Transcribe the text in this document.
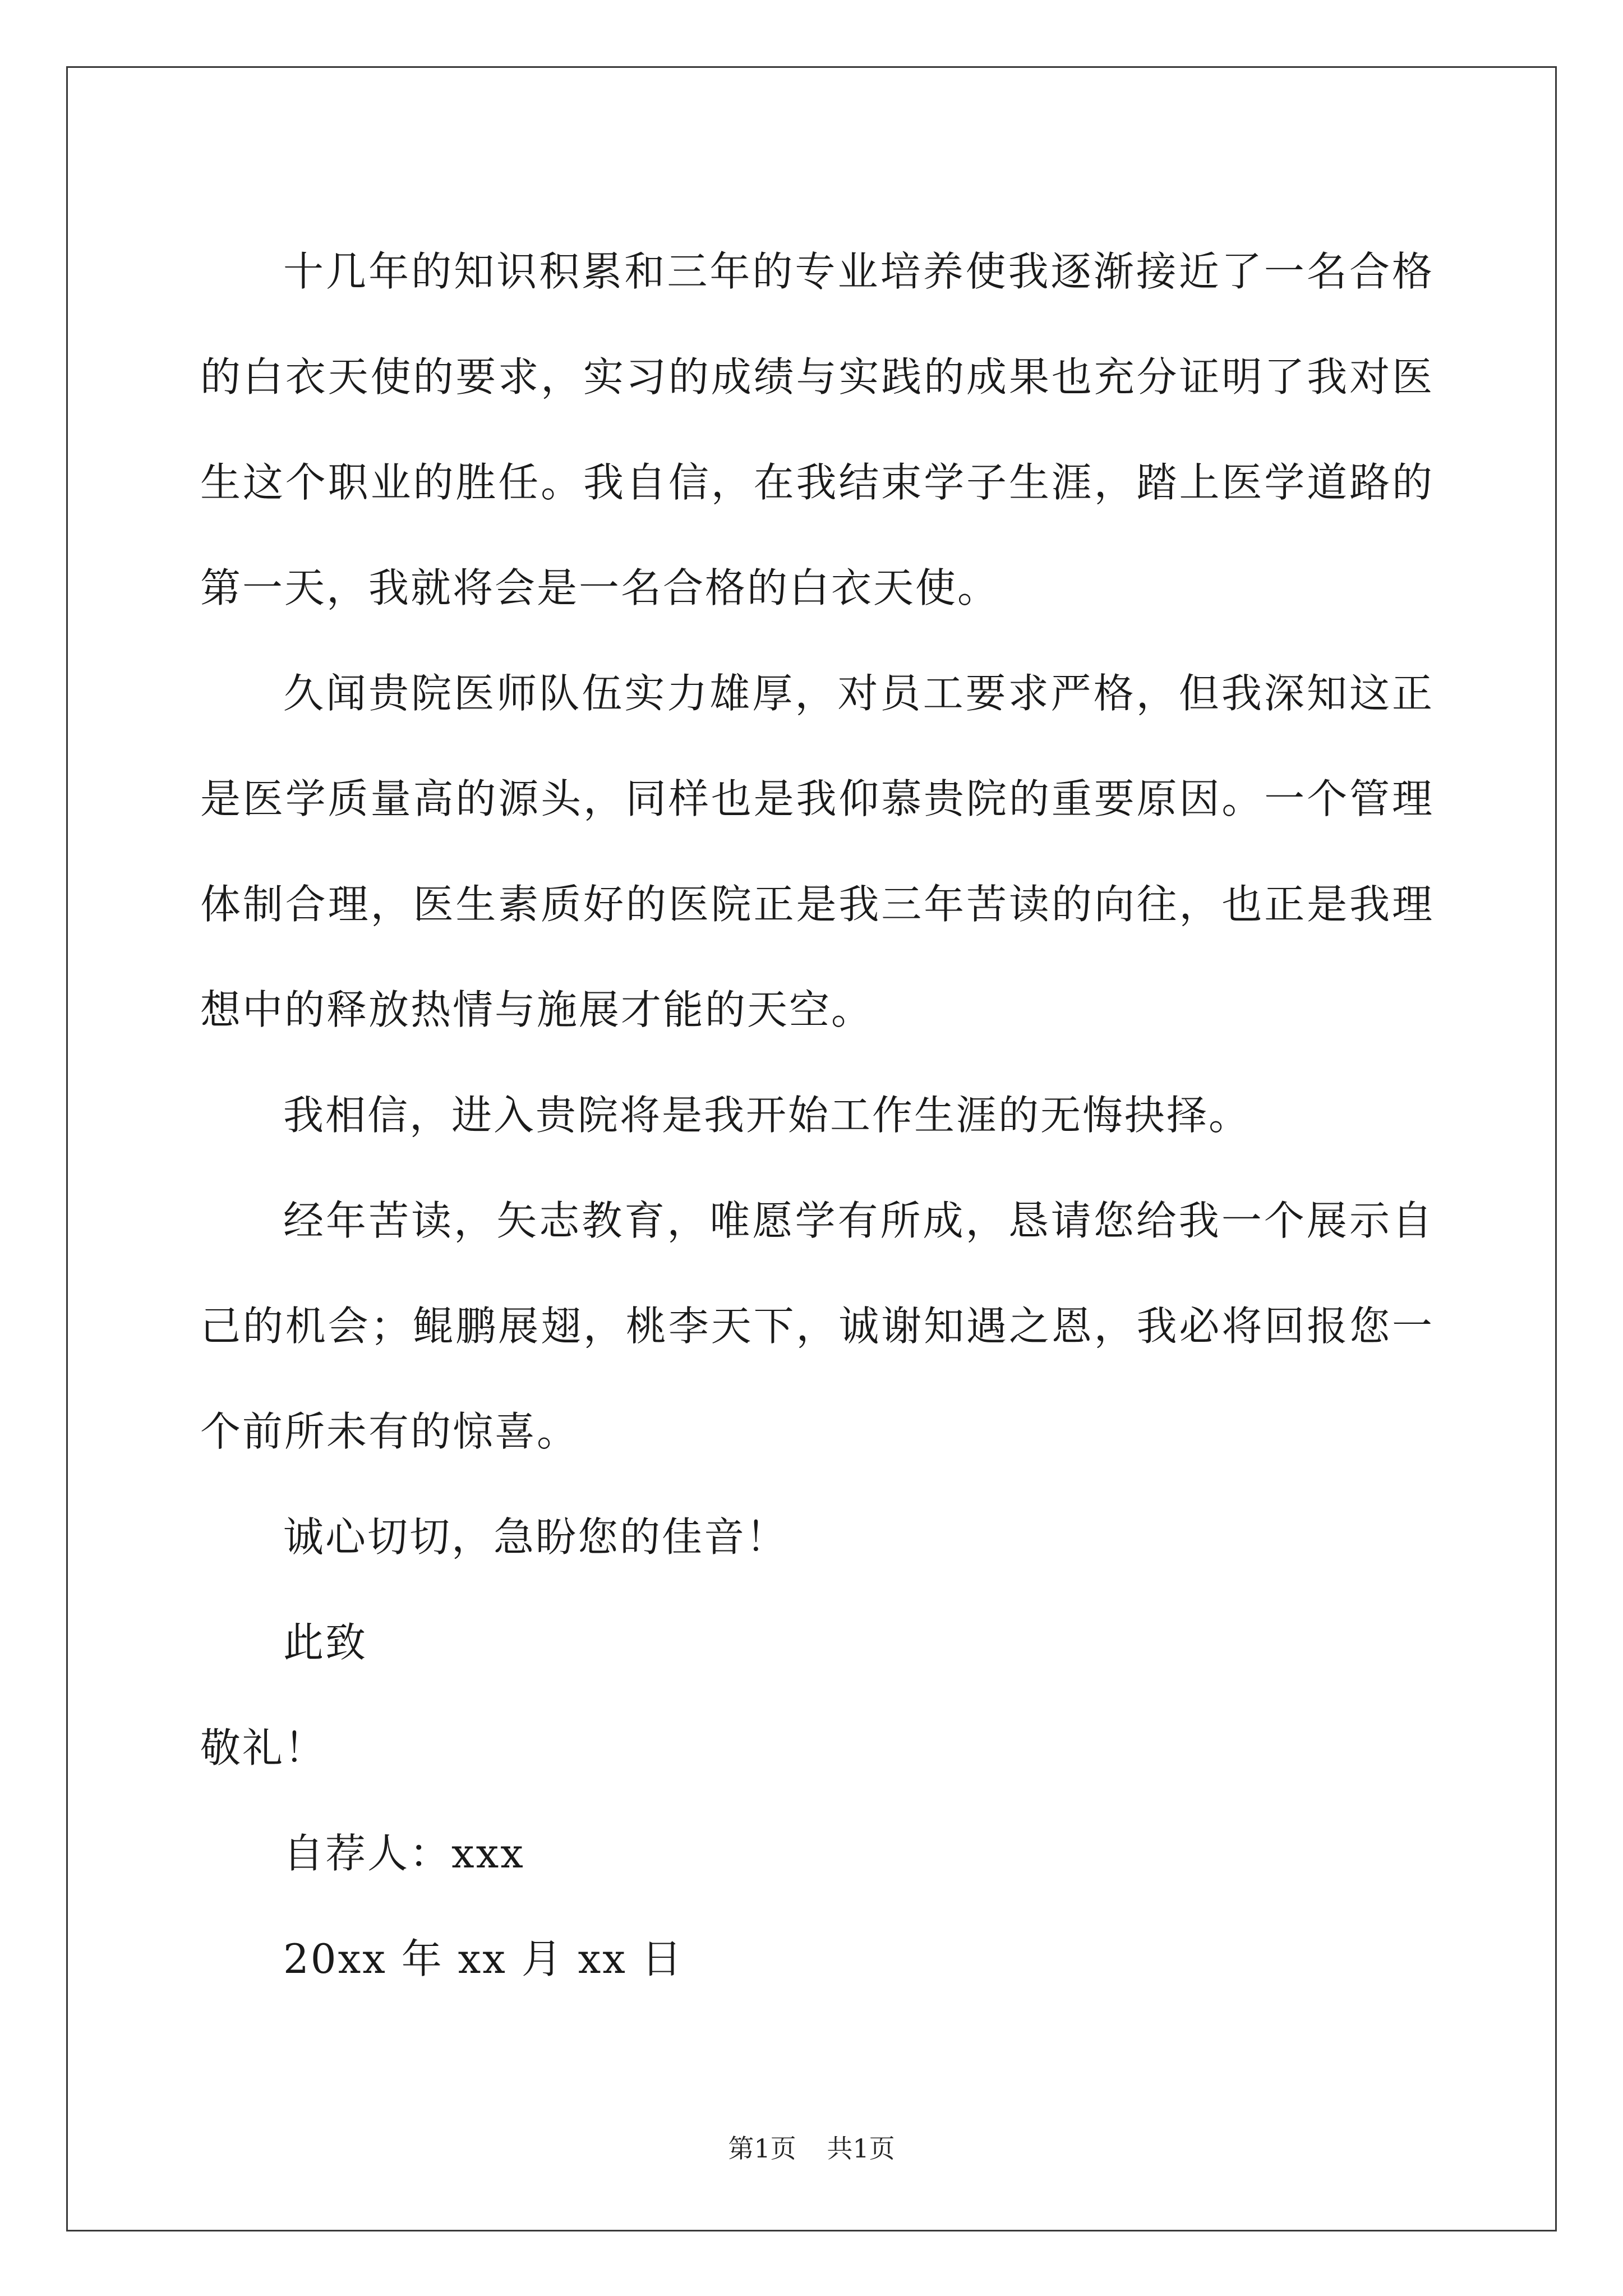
十几年的知识积累和三年的专业培养使我逐渐接近了一名合格的白衣天使的要求，实习的成绩与实践的成果也充分证明了我对医生这个职业的胜任。我自信，在我结束学子生涯，踏上医学道路的第一天，我就将会是一名合格的白衣天使。

久闻贵院医师队伍实力雄厚，对员工要求严格，但我深知这正是医学质量高的源头，同样也是我仰慕贵院的重要原因。一个管理体制合理，医生素质好的医院正是我三年苦读的向往，也正是我理想中的释放热情与施展才能的天空。

我相信，进入贵院将是我开始工作生涯的无悔抉择。

经年苦读，矢志教育，唯愿学有所成，恳请您给我一个展示自己的机会；鲲鹏展翅，桃李天下，诚谢知遇之恩，我必将回报您一个前所未有的惊喜。

诚心切切，急盼您的佳音！

此致

敬礼！

自荐人：xxx

20xx 年 xx 月 xx 日

第1页 共1页
